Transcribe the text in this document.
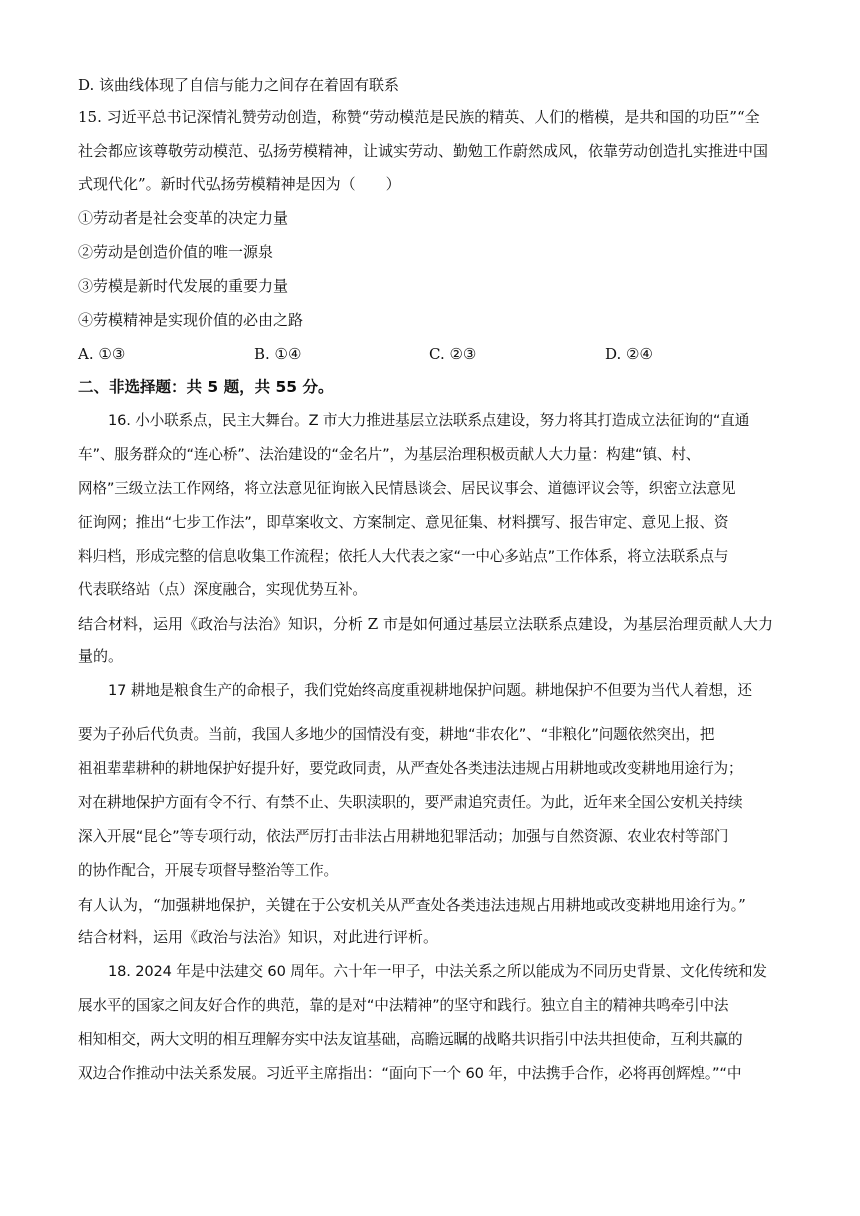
D. 该曲线体现了自信与能力之间存在着固有联系
15. 习近平总书记深情礼赞劳动创造，称赞“劳动模范是民族的精英、人们的楷模，是共和国的功臣”“全
社会都应该尊敬劳动模范、弘扬劳模精神，让诚实劳动、勤勉工作蔚然成风，依靠劳动创造扎实推进中国
式现代化”。新时代弘扬劳模精神是因为（　　）
①劳动者是社会变革的决定力量
②劳动是创造价值的唯一源泉
③劳模是新时代发展的重要力量
④劳模精神是实现价值的必由之路
A. ①③	B. ①④	C. ②③	D. ②④
二、非选择题：共 5 题，共 55 分。
16. 小小联系点，民主大舞台。Z 市大力推进基层立法联系点建设，努力将其打造成立法征询的“直通
车”、服务群众的“连心桥”、法治建设的“金名片”，为基层治理积极贡献人大力量：构建“镇、村、
网格”三级立法工作网络，将立法意见征询嵌入民情恳谈会、居民议事会、道德评议会等，织密立法意见
征询网；推出“七步工作法”，即草案收文、方案制定、意见征集、材料撰写、报告审定、意见上报、资
料归档，形成完整的信息收集工作流程；依托人大代表之家“一中心多站点”工作体系，将立法联系点与
代表联络站（点）深度融合，实现优势互补。
结合材料，运用《政治与法治》知识，分析 Z 市是如何通过基层立法联系点建设，为基层治理贡献人大力
量的。
17 耕地是粮食生产的命根子，我们党始终高度重视耕地保护问题。耕地保护不但要为当代人着想，还
要为子孙后代负责。当前，我国人多地少的国情没有变，耕地“非农化”、“非粮化”问题依然突出，把
祖祖辈辈耕种的耕地保护好提升好，要党政同责，从严查处各类违法违规占用耕地或改变耕地用途行为；
对在耕地保护方面有令不行、有禁不止、失职渎职的，要严肃追究责任。为此，近年来全国公安机关持续
深入开展“昆仑”等专项行动，依法严厉打击非法占用耕地犯罪活动；加强与自然资源、农业农村等部门
的协作配合，开展专项督导整治等工作。
有人认为，“加强耕地保护，关键在于公安机关从严查处各类违法违规占用耕地或改变耕地用途行为。”
结合材料，运用《政治与法治》知识，对此进行评析。
18. 2024 年是中法建交 60 周年。六十年一甲子，中法关系之所以能成为不同历史背景、文化传统和发
展水平的国家之间友好合作的典范，靠的是对“中法精神”的坚守和践行。独立自主的精神共鸣牵引中法
相知相交，两大文明的相互理解夯实中法友谊基础，高瞻远瞩的战略共识指引中法共担使命，互利共赢的
双边合作推动中法关系发展。习近平主席指出：“面向下一个 60 年，中法携手合作，必将再创辉煌。”“中
